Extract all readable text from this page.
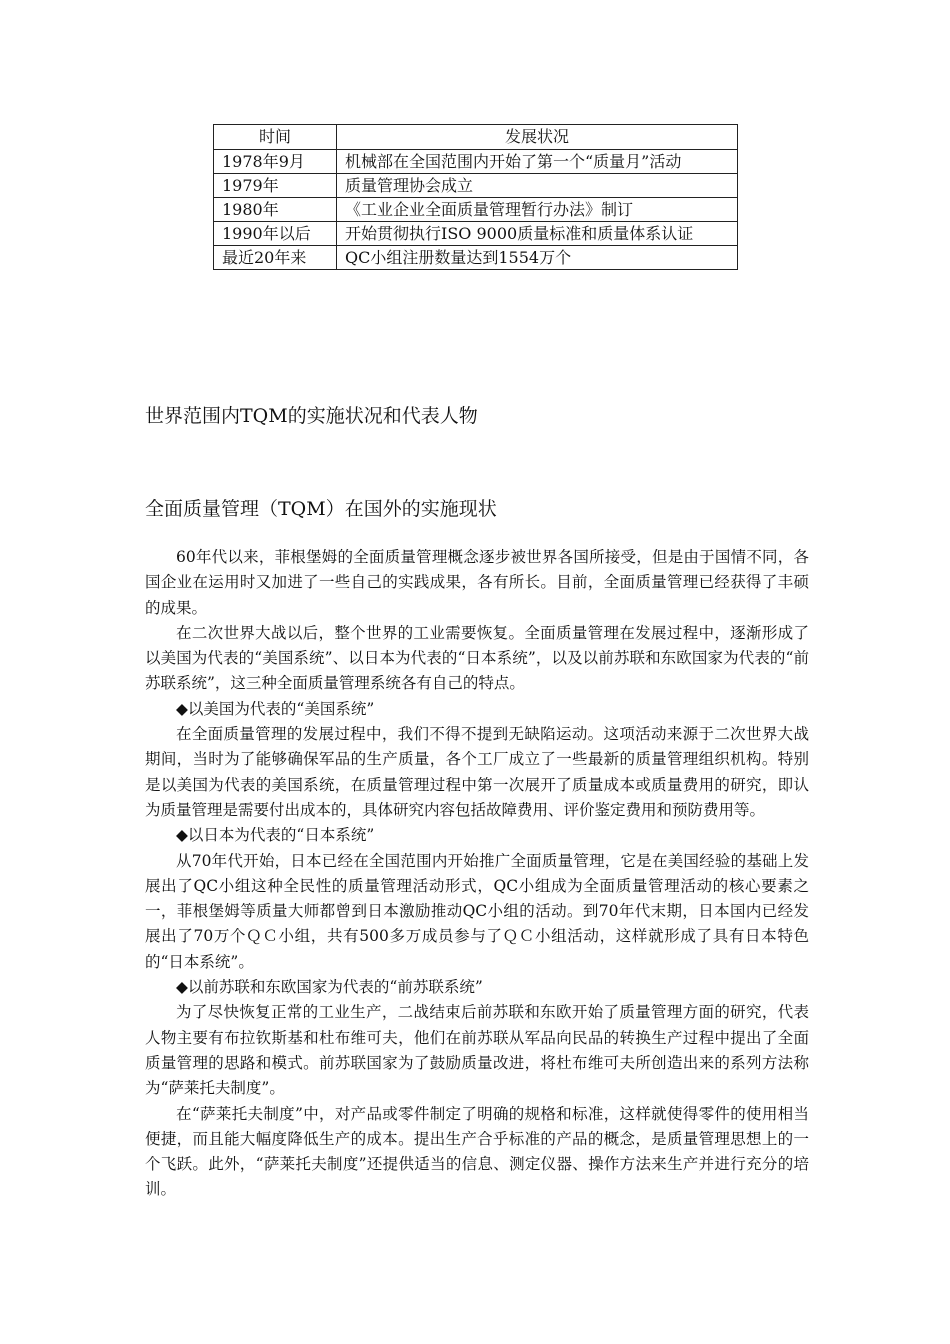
时间	发展状况
1978年9月	机械部在全国范围内开始了第一个“质量月”活动
1979年	质量管理协会成立
1980年	《工业企业全面质量管理暂行办法》制订
1990年以后	开始贯彻执行ISO 9000质量标准和质量体系认证
最近20年来	QC小组注册数量达到1554万个
世界范围内TQM的实施状况和代表人物
全面质量管理（TQM）在国外的实施现状

60年代以来，菲根堡姆的全面质量管理概念逐步被世界各国所接受，但是由于国情不同，各国企业在运用时又加进了一些自己的实践成果，各有所长。目前，全面质量管理已经获得了丰硕的成果。

在二次世界大战以后，整个世界的工业需要恢复。全面质量管理在发展过程中，逐渐形成了以美国为代表的“美国系统”、以日本为代表的“日本系统”，以及以前苏联和东欧国家为代表的“前苏联系统”，这三种全面质量管理系统各有自己的特点。

◆以美国为代表的“美国系统”

在全面质量管理的发展过程中，我们不得不提到无缺陷运动。这项活动来源于二次世界大战期间，当时为了能够确保军品的生产质量，各个工厂成立了一些最新的质量管理组织机构。特别是以美国为代表的美国系统，在质量管理过程中第一次展开了质量成本或质量费用的研究，即认为质量管理是需要付出成本的，具体研究内容包括故障费用、评价鉴定费用和预防费用等。

◆以日本为代表的“日本系统”

从70年代开始，日本已经在全国范围内开始推广全面质量管理，它是在美国经验的基础上发展出了QC小组这种全民性的质量管理活动形式，QC小组成为全面质量管理活动的核心要素之一，菲根堡姆等质量大师都曾到日本激励推动QC小组的活动。到70年代末期，日本国内已经发展出了70万个ＱＣ小组，共有500多万成员参与了ＱＣ小组活动，这样就形成了具有日本特色的“日本系统”。

◆以前苏联和东欧国家为代表的“前苏联系统”

为了尽快恢复正常的工业生产，二战结束后前苏联和东欧开始了质量管理方面的研究，代表人物主要有布拉钦斯基和杜布维可夫，他们在前苏联从军品向民品的转换生产过程中提出了全面质量管理的思路和模式。前苏联国家为了鼓励质量改进，将杜布维可夫所创造出来的系列方法称为“萨莱托夫制度”。

在“萨莱托夫制度”中，对产品或零件制定了明确的规格和标准，这样就使得零件的使用相当便捷，而且能大幅度降低生产的成本。提出生产合乎标准的产品的概念，是质量管理思想上的一个飞跃。此外，“萨莱托夫制度”还提供适当的信息、测定仪器、操作方法来生产并进行充分的培训。
